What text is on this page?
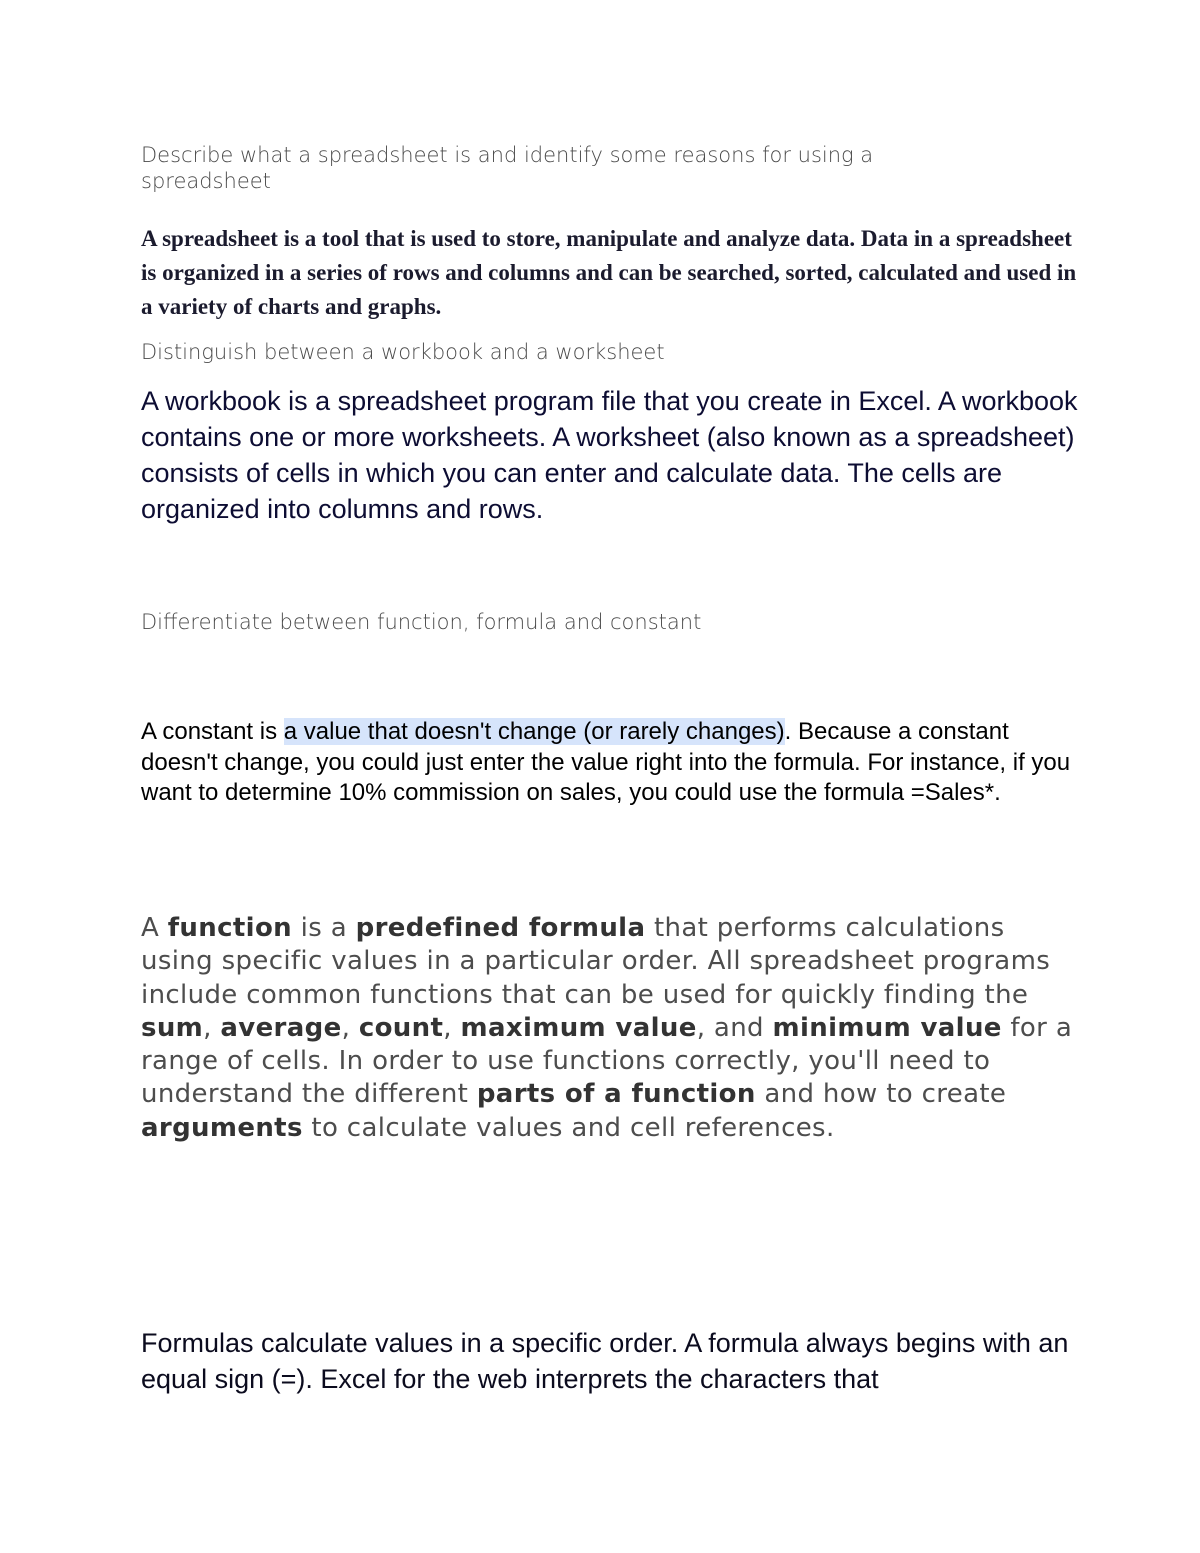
Describe what a spreadsheet is and identify some reasons for using a spreadsheet

A spreadsheet is a tool that is used to store, manipulate and analyze data. Data in a spreadsheet is organized in a series of rows and columns and can be searched, sorted, calculated and used in a variety of charts and graphs.

Distinguish between a workbook and a worksheet

A workbook is a spreadsheet program file that you create in Excel. A workbook contains one or more worksheets. A worksheet (also known as a spreadsheet) consists of cells in which you can enter and calculate data. The cells are organized into columns and rows.

Differentiate between function, formula and constant

A constant is a value that doesn't change (or rarely changes). Because a constant doesn't change, you could just enter the value right into the formula. For instance, if you want to determine 10% commission on sales, you could use the formula =Sales*.

A function is a predefined formula that performs calculations using specific values in a particular order. All spreadsheet programs include common functions that can be used for quickly finding the sum, average, count, maximum value, and minimum value for a range of cells. In order to use functions correctly, you'll need to understand the different parts of a function and how to create arguments to calculate values and cell references.

Formulas calculate values in a specific order. A formula always begins with an equal sign (=). Excel for the web interprets the characters that
